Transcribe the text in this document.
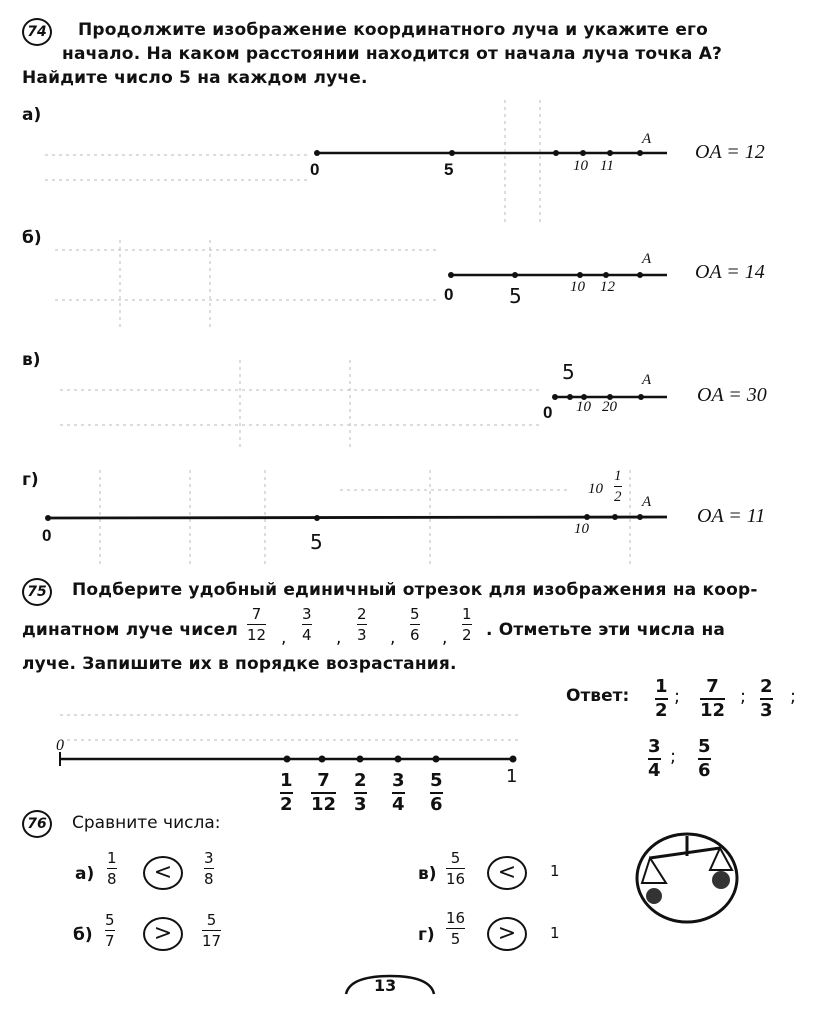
74	Продолжите изображение координатного луча и укажите его
начало. На каком расстоянии находится от начала луча точка А?
Найдите число 5 на каждом луче.
а)
0	5	10 11
A
OA = 12
б)
0	5	10 12
A
OA = 14
в)	5
0 10 20
A
OA = 30
г)
0	5
10
10
1
2 A
OA = 11
75	Подберите удобный единичный отрезок для изображения на коор-
динатном луче чисел
7
12
3
4
2
3
5
6
1
2
,	,	,	, . Отметьте эти числа на
луче. Запишите их в порядке возрастания.
Ответ: 1
2
; 7
12
; 2
3
;
3
4
; 5
6
0
1
1
2
7
12
2
3
3
4
5
6
76	Сравните числа:
а)
1
8	<
3
8
б)
5
7	>
5
17
в)
5
16	<	1
г)
16
5	>	1
13
